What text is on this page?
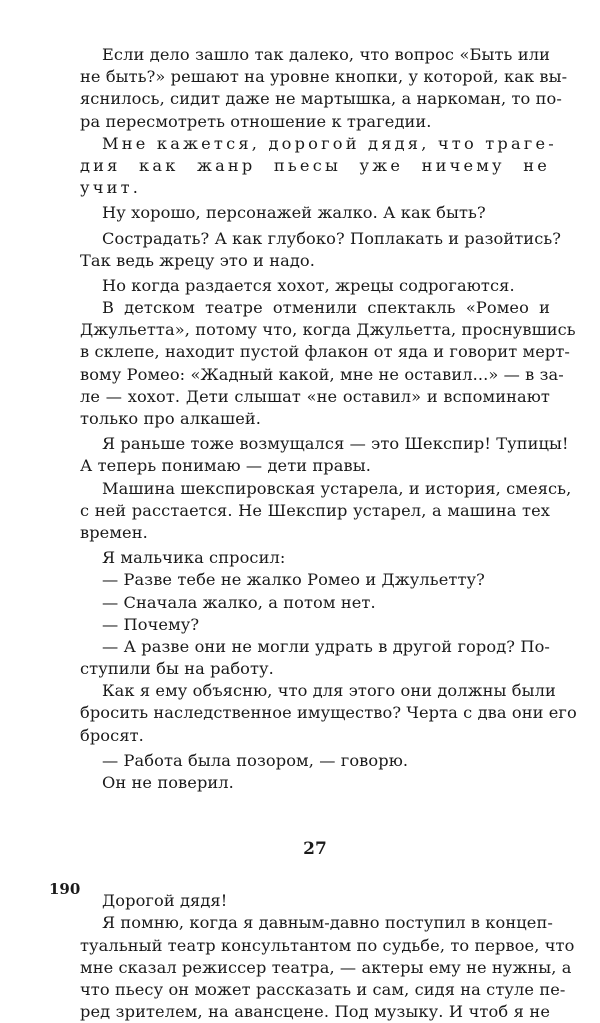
Если дело зашло так далеко, что вопрос «Быть или
не быть?» решают на уровне кнопки, у которой, как вы-
яснилось, сидит даже не мартышка, а наркоман, то по-
ра пересмотреть отношение к трагедии.
Мне кажется, дорогой дядя, что траге-
дия как жанр пьесы уже ничему не
учит.
Ну хорошо, персонажей жалко. А как быть?
Сострадать? А как глубоко? Поплакать и разойтись?
Так ведь жрецу это и надо.
Но когда раздается хохот, жрецы содрогаются.
В детском театре отменили спектакль «Ромео и
Джульетта», потому что, когда Джульетта, проснувшись
в склепе, находит пустой флакон от яда и говорит мерт-
вому Ромео: «Жадный какой, мне не оставил...» — в за-
ле — хохот. Дети слышат «не оставил» и вспоминают
только про алкашей.
Я раньше тоже возмущался — это Шекспир! Тупицы!
А теперь понимаю — дети правы.
Машина шекспировская устарела, и история, смеясь,
с ней расстается. Не Шекспир устарел, а машина тех
времен.
Я мальчика спросил:
— Разве тебе не жалко Ромео и Джульетту?
— Сначала жалко, а потом нет.
— Почему?
— А разве они не могли удрать в другой город? По-
ступили бы на работу.
Как я ему объясню, что для этого они должны были
бросить наследственное имущество? Черта с два они его
бросят.
— Работа была позором, — говорю.
Он не поверил.
27
Дорогой дядя!
Я помню, когда я давным-давно поступил в концеп-
туальный театр консультантом по судьбе, то первое, что
мне сказал режиссер театра, — актеры ему не нужны, а
что пьесу он может рассказать и сам, сидя на стуле пе-
ред зрителем, на авансцене. Под музыку. И чтоб я не
190
